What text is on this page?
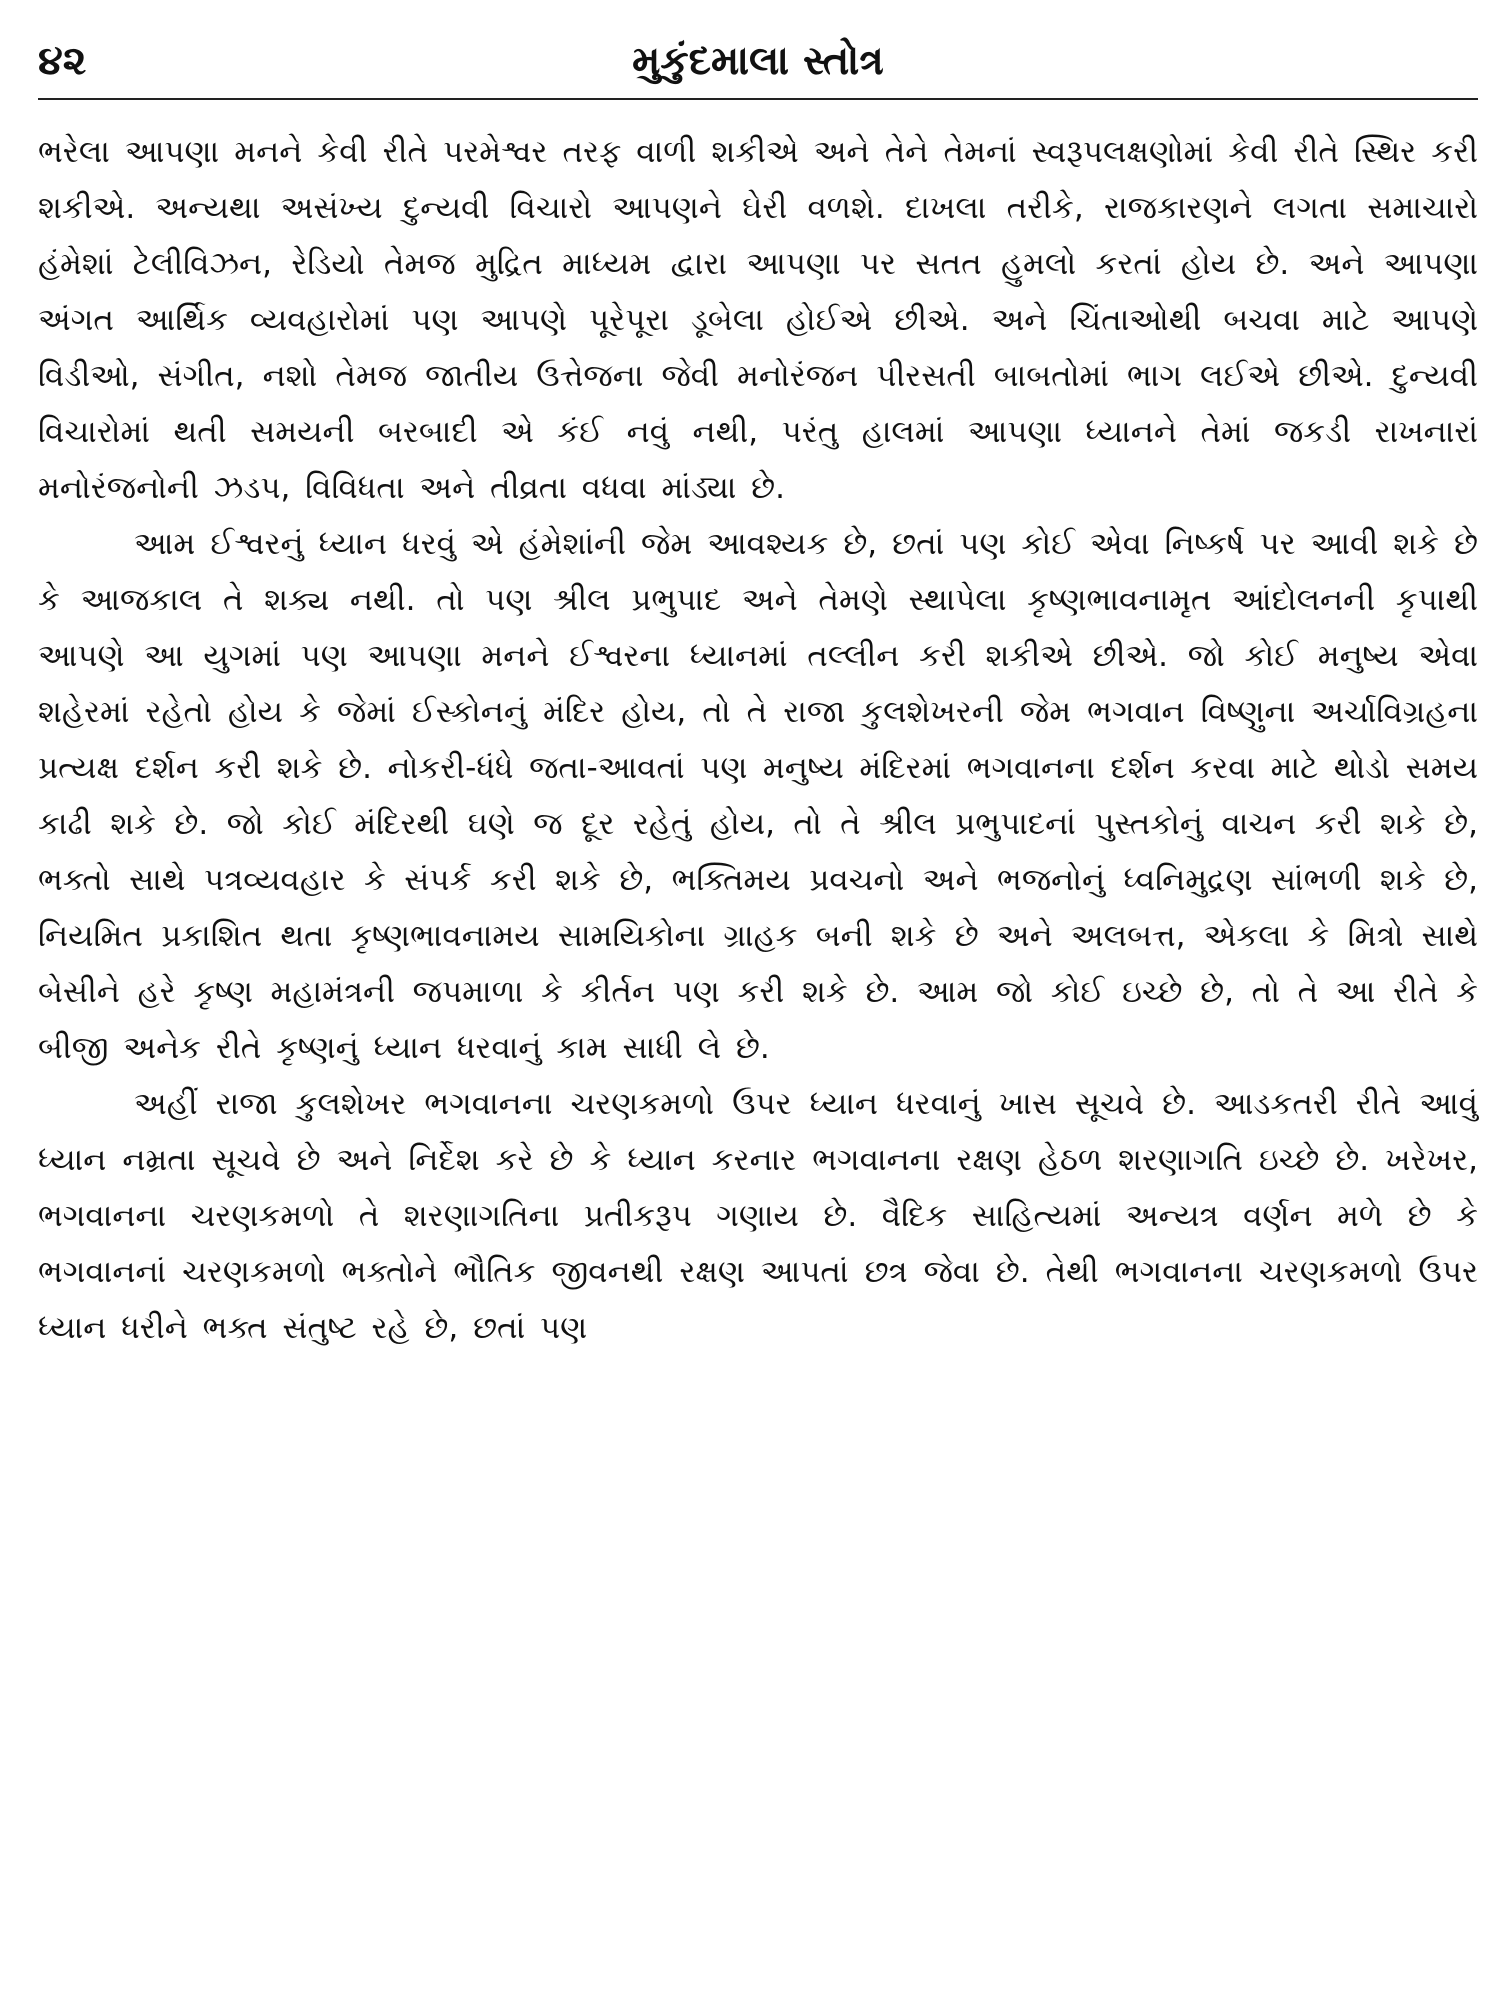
૪૨	મુકુંદમાલા સ્તોત્ર

ભરેલા આપણા મનને કેવી રીતે પરમેશ્વર તરફ વાળી શકીએ અને તેને તેમનાં સ્વરૂપલક્ષણોમાં કેવી રીતે સ્થિર કરી શકીએ. અન્યથા અસંખ્ય દુન્યવી વિચારો આપણને ઘેરી વળશે. દાખલા તરીકે, રાજકારણને લગતા સમાચારો હંમેશાં ટેલીવિઝન, રેડિયો તેમજ મુદ્રિત માધ્યમ દ્વારા આપણા પર સતત હુમલો કરતાં હોય છે. અને આપણા અંગત આર્થિક વ્યવહારોમાં પણ આપણે પૂરેપૂરા ડૂબેલા હોઈએ છીએ. અને ચિંતાઓથી બચવા માટે આપણે વિડીઓ, સંગીત, નશો તેમજ જાતીય ઉત્તેજના જેવી મનોરંજન પીરસતી બાબતોમાં ભાગ લઈએ છીએ. દુન્યવી વિચારોમાં થતી સમયની બરબાદી એ કંઈ નવું નથી, પરંતુ હાલમાં આપણા ધ્યાનને તેમાં જકડી રાખનારાં મનોરંજનોની ઝડપ, વિવિધતા અને તીવ્રતા વધવા માંડ્યા છે.

આમ ઈશ્વરનું ધ્યાન ધરવું એ હંમેશાંની જેમ આવશ્યક છે, છતાં પણ કોઈ એવા નિષ્કર્ષ પર આવી શકે છે કે આજકાલ તે શક્ય નથી. તો પણ શ્રીલ પ્રભુપાદ અને તેમણે સ્થાપેલા કૃષ્ણભાવનામૃત આંદોલનની કૃપાથી આપણે આ યુગમાં પણ આપણા મનને ઈશ્વરના ધ્યાનમાં તલ્લીન કરી શકીએ છીએ. જો કોઈ મનુષ્ય એવા શહેરમાં રહેતો હોય કે જેમાં ઈસ્કોનનું મંદિર હોય, તો તે રાજા કુલશેખરની જેમ ભગવાન વિષ્ણુના અર્ચાવિગ્રહના પ્રત્યક્ષ દર્શન કરી શકે છે. નોકરી-ધંધે જતા-આવતાં પણ મનુષ્ય મંદિરમાં ભગવાનના દર્શન કરવા માટે થોડો સમય કાઢી શકે છે. જો કોઈ મંદિરથી ઘણે જ દૂર રહેતું હોય, તો તે શ્રીલ પ્રભુપાદનાં પુસ્તકોનું વાચન કરી શકે છે, ભક્તો સાથે પત્રવ્યવહાર કે સંપર્ક કરી શકે છે, ભક્તિમય પ્રવચનો અને ભજનોનું ધ્વનિમુદ્રણ સાંભળી શકે છે, નિયમિત પ્રકાશિત થતા કૃષ્ણભાવનામય સામયિકોના ગ્રાહક બની શકે છે અને અલબત્ત, એકલા કે મિત્રો સાથે બેસીને હરે કૃષ્ણ મહામંત્રની જપમાળા કે કીર્તન પણ કરી શકે છે. આમ જો કોઈ ઇચ્છે છે, તો તે આ રીતે કે બીજી અનેક રીતે કૃષ્ણનું ધ્યાન ધરવાનું કામ સાધી લે છે.

અહીં રાજા કુલશેખર ભગવાનના ચરણકમળો ઉપર ધ્યાન ધરવાનું ખાસ સૂચવે છે. આડકતરી રીતે આવું ધ્યાન નમ્રતા સૂચવે છે અને નિર્દેશ કરે છે કે ધ્યાન કરનાર ભગવાનના રક્ષણ હેઠળ શરણાગતિ ઇચ્છે છે. ખરેખર, ભગવાનના ચરણકમળો તે શરણાગતિના પ્રતીકરૂપ ગણાય છે. વૈદિક સાહિત્યમાં અન્યત્ર વર્ણન મળે છે કે ભગવાનનાં ચરણકમળો ભક્તોને ભૌતિક જીવનથી રક્ષણ આપતાં છત્ર જેવા છે. તેથી ભગવાનના ચરણકમળો ઉપર ધ્યાન ધરીને ભક્ત સંતુષ્ટ રહે છે, છતાં પણ
